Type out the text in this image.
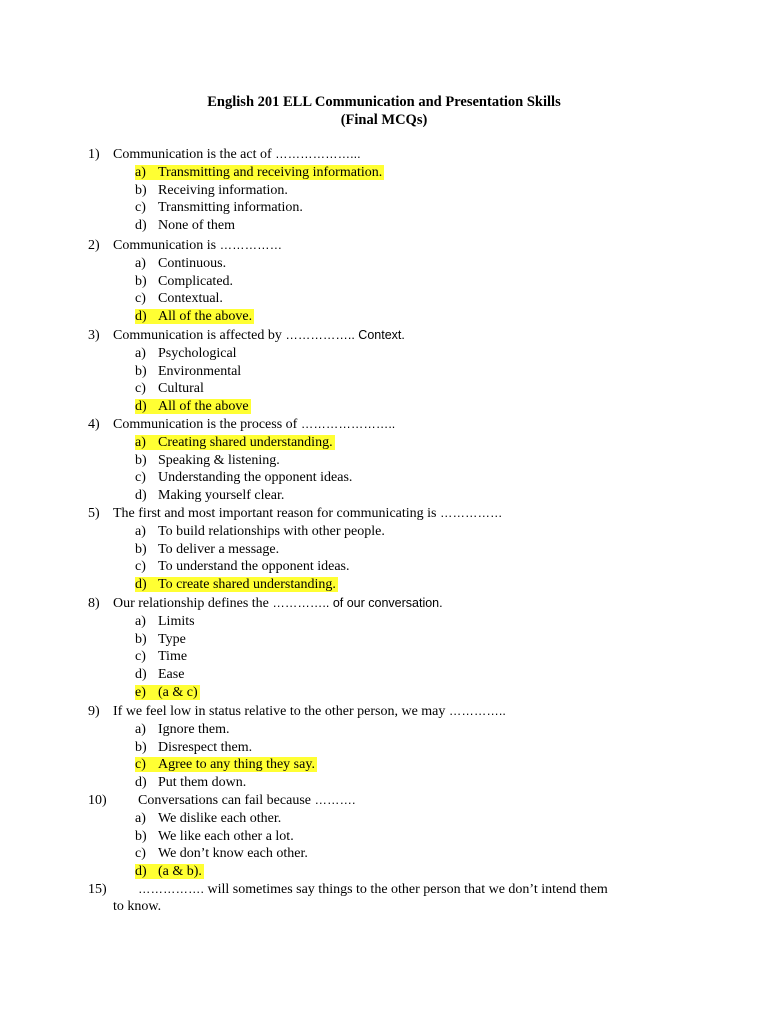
English 201 ELL Communication and Presentation Skills
(Final MCQs)
1) Communication is the act of ………………...
a) Transmitting and receiving information.
b) Receiving information.
c) Transmitting information.
d) None of them
2) Communication is ……………
a) Continuous.
b) Complicated.
c) Contextual.
d) All of the above.
3) Communication is affected by …………….. Context.
a) Psychological
b) Environmental
c) Cultural
d) All of the above
4) Communication is the process of …………………..
a) Creating shared understanding.
b) Speaking & listening.
c) Understanding the opponent ideas.
d) Making yourself clear.
5) The first and most important reason for communicating is ……………
a) To build relationships with other people.
b) To deliver a message.
c) To understand the opponent ideas.
d) To create shared understanding.
8) Our relationship defines the ………….. of our conversation.
a) Limits
b) Type
c) Time
d) Ease
e) (a & c)
9) If we feel low in status relative to the other person, we may …………..
a) Ignore them.
b) Disrespect them.
c) Agree to any thing they say.
d) Put them down.
10) Conversations can fail because ……….
a) We dislike each other.
b) We like each other a lot.
c) We don’t know each other.
d) (a & b).
15)	……………. will sometimes say things to the other person that we don’t intend them
to know.
